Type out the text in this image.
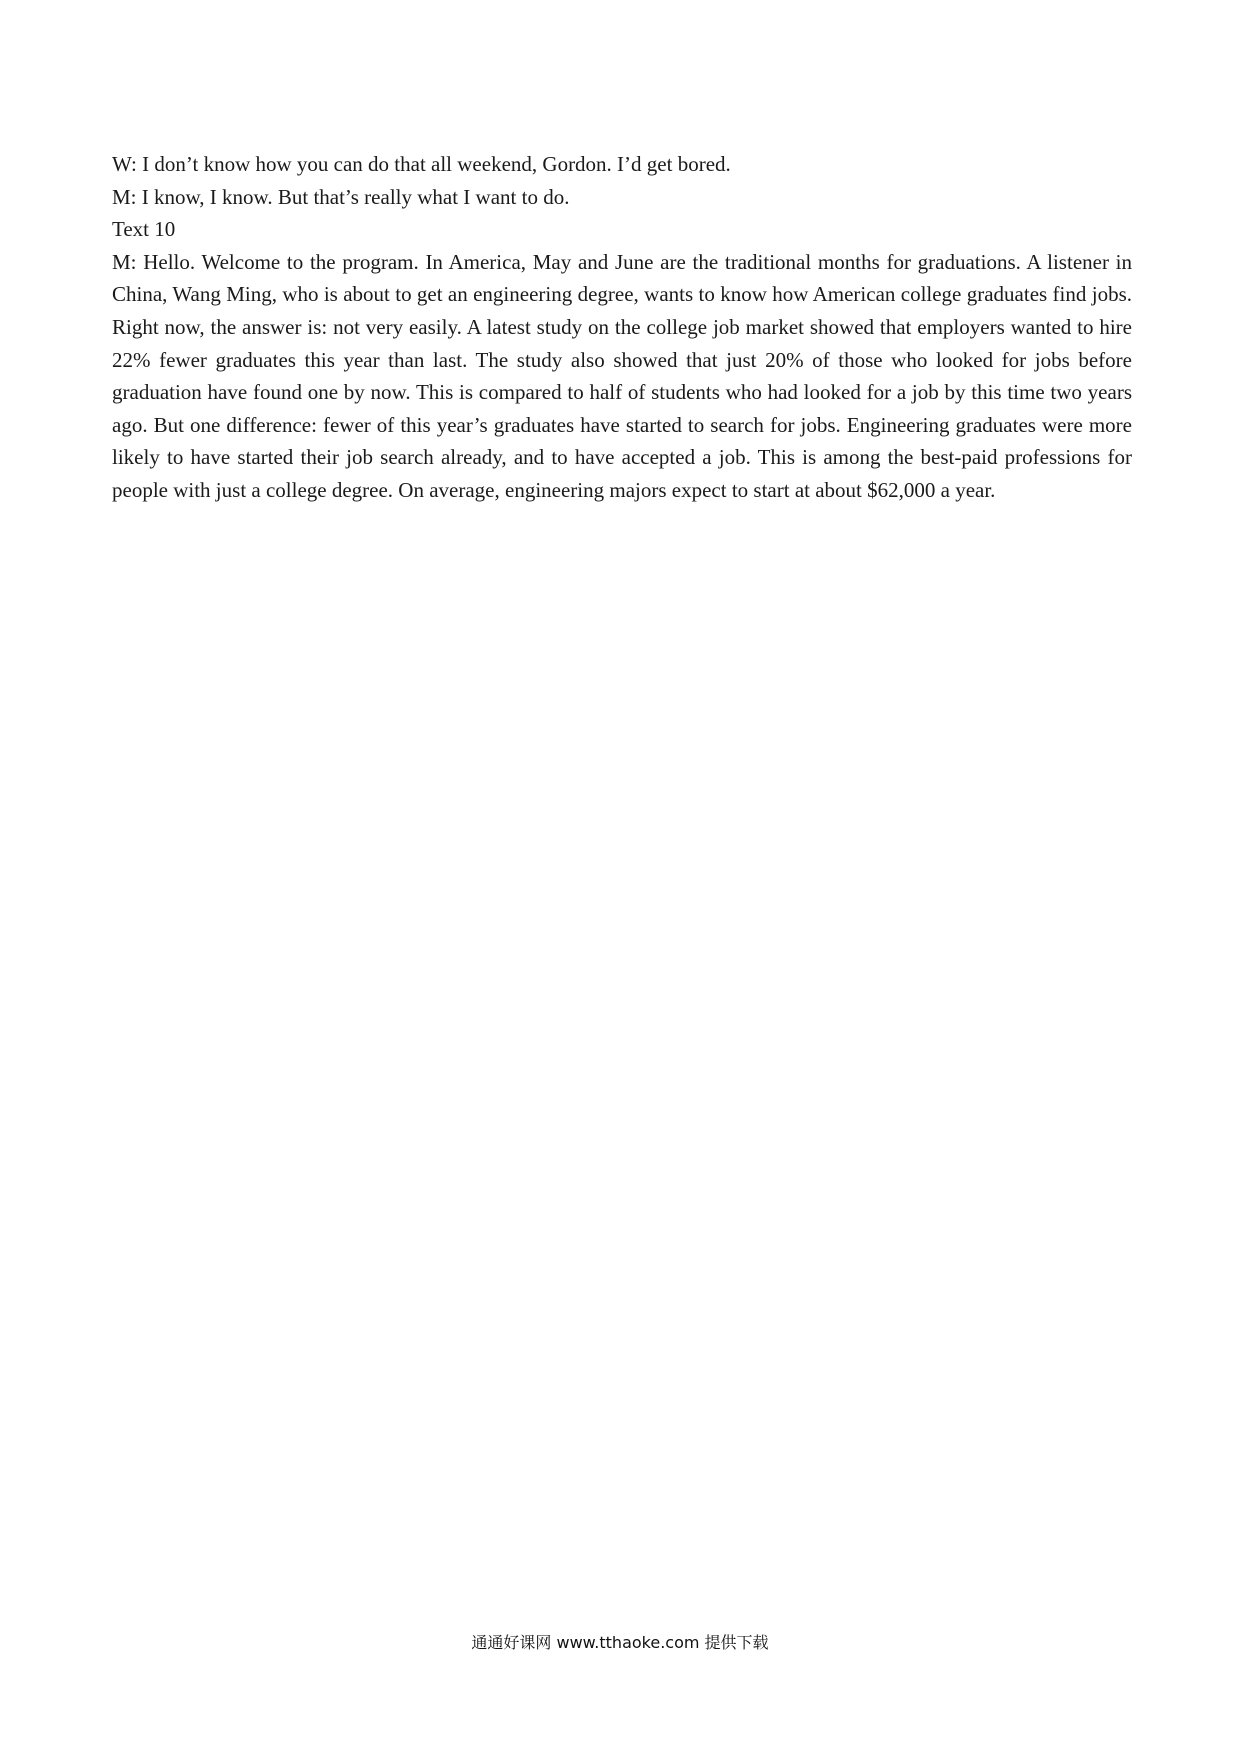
W: I don’t know how you can do that all weekend, Gordon. I’d get bored.

M: I know, I know. But that’s really what I want to do.

Text 10

M: Hello. Welcome to the program. In America, May and June are the traditional months for graduations. A listener in China, Wang Ming, who is about to get an engineering degree, wants to know how American college graduates find jobs. Right now, the answer is: not very easily. A latest study on the college job market showed that employers wanted to hire 22% fewer graduates this year than last. The study also showed that just 20% of those who looked for jobs before graduation have found one by now. This is compared to half of students who had looked for a job by this time two years ago. But one difference: fewer of this year’s graduates have started to search for jobs. Engineering graduates were more likely to have started their job search already, and to have accepted a job. This is among the best-paid professions for people with just a college degree. On average, engineering majors expect to start at about $62,000 a year.

通通好课网 www.tthaoke.com 提供下载
